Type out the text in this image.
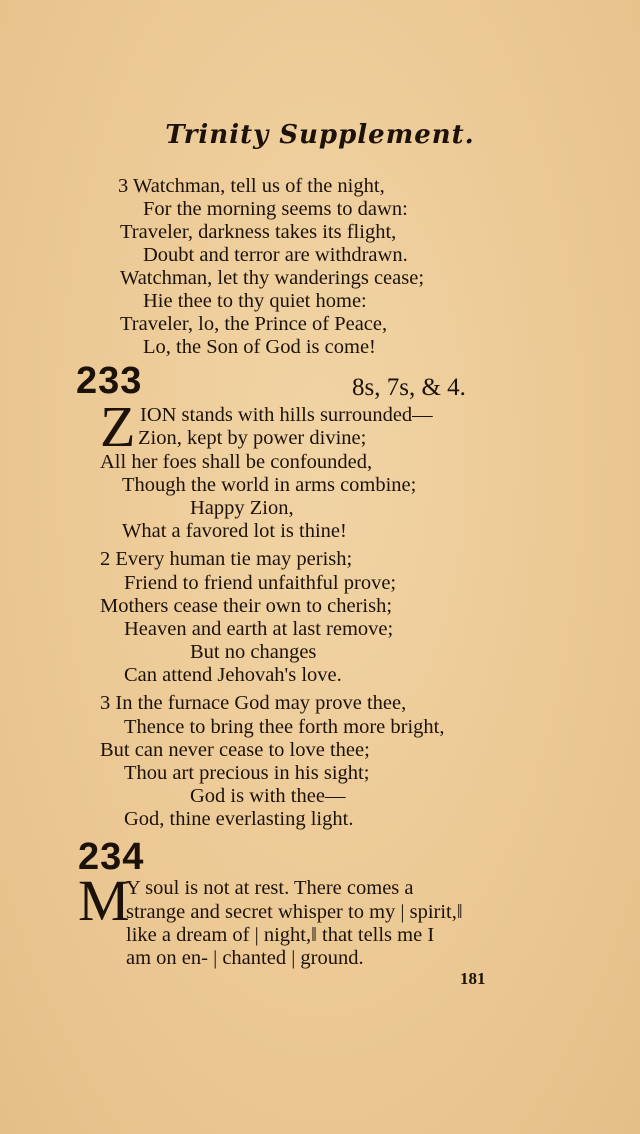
Trinity Supplement.
3 Watchman, tell us of the night,
For the morning seems to dawn:
Traveler, darkness takes its flight,
Doubt and terror are withdrawn.
Watchman, let thy wanderings cease;
Hie thee to thy quiet home:
Traveler, lo, the Prince of Peace,
Lo, the Son of God is come!
233	8s, 7s, & 4.
Z ION stands with hills surrounded—
Zion, kept by power divine;
All her foes shall be confounded,
Though the world in arms combine;
Happy Zion,
What a favored lot is thine!
2 Every human tie may perish;
Friend to friend unfaithful prove;
Mothers cease their own to cherish;
Heaven and earth at last remove;
But no changes
Can attend Jehovah's love.
3 In the furnace God may prove thee,
Thence to bring thee forth more bright,
But can never cease to love thee;
Thou art precious in his sight;
God is with thee—
God, thine everlasting light.
234
M
Y soul is not at rest. There comes a
strange and secret whisper to my | spirit,‖
like a dream of | night,‖ that tells me I
am on en- | chanted | ground.
181
